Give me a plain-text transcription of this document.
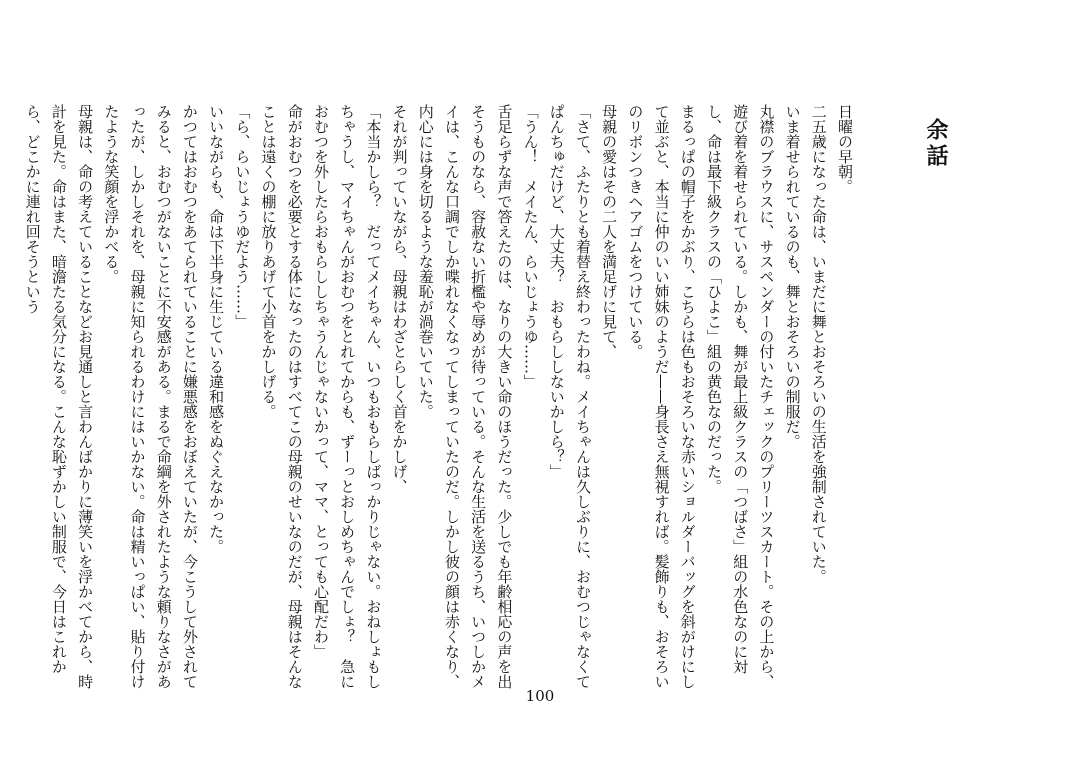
余話

日曜の早朝。

二五歳になった命は、いまだに舞とおそろいの生活を強制されていた。

いま着せられているのも、舞とおそろいの制服だ。

丸襟のブラウスに、サスペンダーの付いたチェックのプリーツスカート。その上から、遊び着を着せられている。しかも、舞が最上級クラスの「つばさ」組の水色なのに対し、命は最下級クラスの「ひよこ」組の黄色なのだった。

まるっぱの帽子をかぶり、こちらは色もおそろいな赤いショルダーバッグを斜がけにして並ぶと、本当に仲のいい姉妹のようだ——身長さえ無視すれば。髪飾りも、おそろいのリボンつきヘアゴムをつけている。

母親の愛はその二人を満足げに見て、

「さて、ふたりとも着替え終わったわね。メイちゃんは久しぶりに、おむつじゃなくてぱんちゅだけど、大丈夫？　おもらししないかしら？」

「うん！　メイたん、らいじょうゆ……」

舌足らずな声で答えたのは、なりの大きい命のほうだった。少しでも年齢相応の声を出そうものなら、容赦ない折檻や辱めが待っている。そんな生活を送るうち、いつしかメイは、こんな口調でしか喋れなくなってしまっていたのだ。しかし彼の顔は赤くなり、内心には身を切るような羞恥が渦巻いていた。

それが判っていながら、母親はわざとらしく首をかしげ、

「本当かしら？　だってメイちゃん、いつもおもらしばっかりじゃない。おねしょもしちゃうし、マイちゃんがおむつをとれてからも、ずーっとおしめちゃんでしょ？　急におむつを外したらおもらししちゃうんじゃないかって、ママ、とっても心配だわ」

命がおむつを必要とする体になったのはすべてこの母親のせいなのだが、母親はそんなことは遠くの棚に放りあげて小首をかしげる。

「ら、らいじょうゆだよう……」

いいながらも、命は下半身に生じている違和感をぬぐえなかった。

かつてはおむつをあてられていることに嫌悪感をおぼえていたが、今こうして外されてみると、おむつがないことに不安感がある。まるで命綱を外されたような頼りなさがあったが、しかしそれを、母親に知られるわけにはいかない。命は精いっぱい、貼り付けたような笑顔を浮かべる。

母親は、命の考えていることなどお見通しと言わんばかりに薄笑いを浮かべてから、時計を見た。命はまた、暗澹たる気分になる。こんな恥ずかしい制服で、今日はこれから、どこかに連れ回そうという

100
